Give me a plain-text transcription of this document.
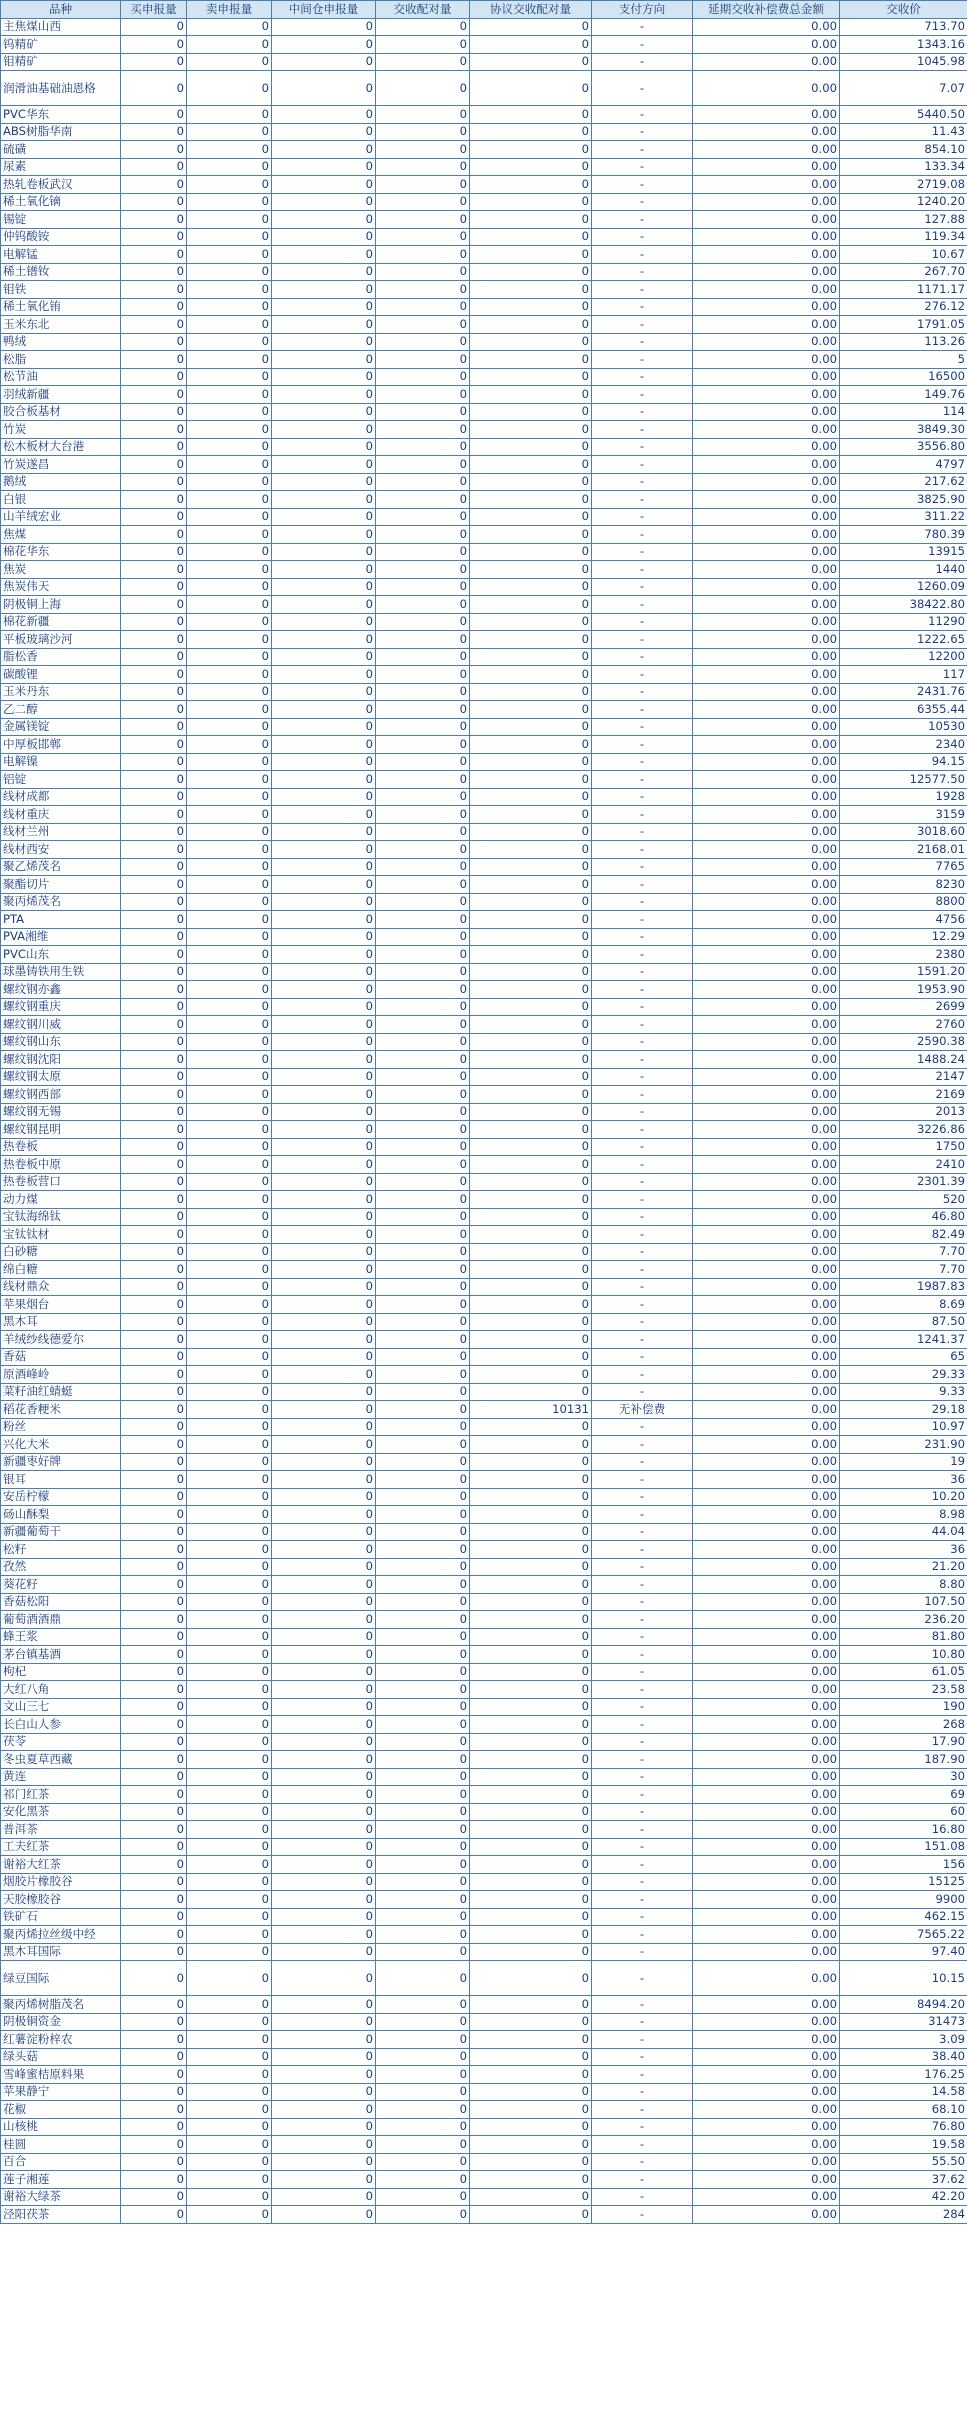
品种	买申报量	卖申报量	中间仓申报量	交收配对量	协议交收配对量	支付方向	延期交收补偿费总金额	交收价
主焦煤山西	0	0	0	0	0	-	0.00	713.70
钨精矿	0	0	0	0	0	-	0.00	1343.16
钼精矿	0	0	0	0	0	-	0.00	1045.98
润滑油基础油恩格	0	0	0	0	0	-	0.00	7.07
PVC华东	0	0	0	0	0	-	0.00	5440.50
ABS树脂华南	0	0	0	0	0	-	0.00	11.43
硫磺	0	0	0	0	0	-	0.00	854.10
尿素	0	0	0	0	0	-	0.00	133.34
热轧卷板武汉	0	0	0	0	0	-	0.00	2719.08
稀土氧化镝	0	0	0	0	0	-	0.00	1240.20
锡锭	0	0	0	0	0	-	0.00	127.88
仲钨酸铵	0	0	0	0	0	-	0.00	119.34
电解锰	0	0	0	0	0	-	0.00	10.67
稀土镨钕	0	0	0	0	0	-	0.00	267.70
钼铁	0	0	0	0	0	-	0.00	1171.17
稀土氧化铕	0	0	0	0	0	-	0.00	276.12
玉米东北	0	0	0	0	0	-	0.00	1791.05
鸭绒	0	0	0	0	0	-	0.00	113.26
松脂	0	0	0	0	0	-	0.00	5
松节油	0	0	0	0	0	-	0.00	16500
羽绒新疆	0	0	0	0	0	-	0.00	149.76
胶合板基材	0	0	0	0	0	-	0.00	114
竹炭	0	0	0	0	0	-	0.00	3849.30
松木板材大台港	0	0	0	0	0	-	0.00	3556.80
竹炭遂昌	0	0	0	0	0	-	0.00	4797
鹅绒	0	0	0	0	0	-	0.00	217.62
白银	0	0	0	0	0	-	0.00	3825.90
山羊绒宏业	0	0	0	0	0	-	0.00	311.22
焦煤	0	0	0	0	0	-	0.00	780.39
棉花华东	0	0	0	0	0	-	0.00	13915
焦炭	0	0	0	0	0	-	0.00	1440
焦炭伟天	0	0	0	0	0	-	0.00	1260.09
阴极铜上海	0	0	0	0	0	-	0.00	38422.80
棉花新疆	0	0	0	0	0	-	0.00	11290
平板玻璃沙河	0	0	0	0	0	-	0.00	1222.65
脂松香	0	0	0	0	0	-	0.00	12200
碳酸锂	0	0	0	0	0	-	0.00	117
玉米丹东	0	0	0	0	0	-	0.00	2431.76
乙二醇	0	0	0	0	0	-	0.00	6355.44
金属镁锭	0	0	0	0	0	-	0.00	10530
中厚板邯郸	0	0	0	0	0	-	0.00	2340
电解镍	0	0	0	0	0	-	0.00	94.15
铝锭	0	0	0	0	0	-	0.00	12577.50
线材成都	0	0	0	0	0	-	0.00	1928
线材重庆	0	0	0	0	0	-	0.00	3159
线材兰州	0	0	0	0	0	-	0.00	3018.60
线材西安	0	0	0	0	0	-	0.00	2168.01
聚乙烯茂名	0	0	0	0	0	-	0.00	7765
聚酯切片	0	0	0	0	0	-	0.00	8230
聚丙烯茂名	0	0	0	0	0	-	0.00	8800
PTA	0	0	0	0	0	-	0.00	4756
PVA湘维	0	0	0	0	0	-	0.00	12.29
PVC山东	0	0	0	0	0	-	0.00	2380
球墨铸铁用生铁	0	0	0	0	0	-	0.00	1591.20
螺纹钢亦鑫	0	0	0	0	0	-	0.00	1953.90
螺纹钢重庆	0	0	0	0	0	-	0.00	2699
螺纹钢川威	0	0	0	0	0	-	0.00	2760
螺纹钢山东	0	0	0	0	0	-	0.00	2590.38
螺纹钢沈阳	0	0	0	0	0	-	0.00	1488.24
螺纹钢太原	0	0	0	0	0	-	0.00	2147
螺纹钢西部	0	0	0	0	0	-	0.00	2169
螺纹钢无锡	0	0	0	0	0	-	0.00	2013
螺纹钢昆明	0	0	0	0	0	-	0.00	3226.86
热卷板	0	0	0	0	0	-	0.00	1750
热卷板中原	0	0	0	0	0	-	0.00	2410
热卷板营口	0	0	0	0	0	-	0.00	2301.39
动力煤	0	0	0	0	0	-	0.00	520
宝钛海绵钛	0	0	0	0	0	-	0.00	46.80
宝钛钛材	0	0	0	0	0	-	0.00	82.49
白砂糖	0	0	0	0	0	-	0.00	7.70
绵白糖	0	0	0	0	0	-	0.00	7.70
线材鼎众	0	0	0	0	0	-	0.00	1987.83
苹果烟台	0	0	0	0	0	-	0.00	8.69
黑木耳	0	0	0	0	0	-	0.00	87.50
羊绒纱线德爱尔	0	0	0	0	0	-	0.00	1241.37
香菇	0	0	0	0	0	-	0.00	65
原酒峰岭	0	0	0	0	0	-	0.00	29.33
菜籽油红蜻蜓	0	0	0	0	0	-	0.00	9.33
稻花香粳米	0	0	0	0	10131	无补偿费	0.00	29.18
粉丝	0	0	0	0	0	-	0.00	10.97
兴化大米	0	0	0	0	0	-	0.00	231.90
新疆枣好牌	0	0	0	0	0	-	0.00	19
银耳	0	0	0	0	0	-	0.00	36
安岳柠檬	0	0	0	0	0	-	0.00	10.20
砀山酥梨	0	0	0	0	0	-	0.00	8.98
新疆葡萄干	0	0	0	0	0	-	0.00	44.04
松籽	0	0	0	0	0	-	0.00	36
孜然	0	0	0	0	0	-	0.00	21.20
葵花籽	0	0	0	0	0	-	0.00	8.80
香菇松阳	0	0	0	0	0	-	0.00	107.50
葡萄酒酒鼎	0	0	0	0	0	-	0.00	236.20
蜂王浆	0	0	0	0	0	-	0.00	81.80
茅台镇基酒	0	0	0	0	0	-	0.00	10.80
枸杞	0	0	0	0	0	-	0.00	61.05
大红八角	0	0	0	0	0	-	0.00	23.58
文山三七	0	0	0	0	0	-	0.00	190
长白山人参	0	0	0	0	0	-	0.00	268
茯苓	0	0	0	0	0	-	0.00	17.90
冬虫夏草西藏	0	0	0	0	0	-	0.00	187.90
黄连	0	0	0	0	0	-	0.00	30
祁门红茶	0	0	0	0	0	-	0.00	69
安化黑茶	0	0	0	0	0	-	0.00	60
普洱茶	0	0	0	0	0	-	0.00	16.80
工夫红茶	0	0	0	0	0	-	0.00	151.08
谢裕大红茶	0	0	0	0	0	-	0.00	156
烟胶片橡胶谷	0	0	0	0	0	-	0.00	15125
天胶橡胶谷	0	0	0	0	0	-	0.00	9900
铁矿石	0	0	0	0	0	-	0.00	462.15
聚丙烯拉丝级中经	0	0	0	0	0	-	0.00	7565.22
黑木耳国际	0	0	0	0	0	-	0.00	97.40
绿豆国际	0	0	0	0	0	-	0.00	10.15
聚丙烯树脂茂名	0	0	0	0	0	-	0.00	8494.20
阴极铜资金	0	0	0	0	0	-	0.00	31473
红薯淀粉梓农	0	0	0	0	0	-	0.00	3.09
绿头菇	0	0	0	0	0	-	0.00	38.40
雪峰蜜桔原料果	0	0	0	0	0	-	0.00	176.25
苹果静宁	0	0	0	0	0	-	0.00	14.58
花椒	0	0	0	0	0	-	0.00	68.10
山核桃	0	0	0	0	0	-	0.00	76.80
桂圆	0	0	0	0	0	-	0.00	19.58
百合	0	0	0	0	0	-	0.00	55.50
莲子湘莲	0	0	0	0	0	-	0.00	37.62
谢裕大绿茶	0	0	0	0	0	-	0.00	42.20
泾阳茯茶	0	0	0	0	0	-	0.00	284
